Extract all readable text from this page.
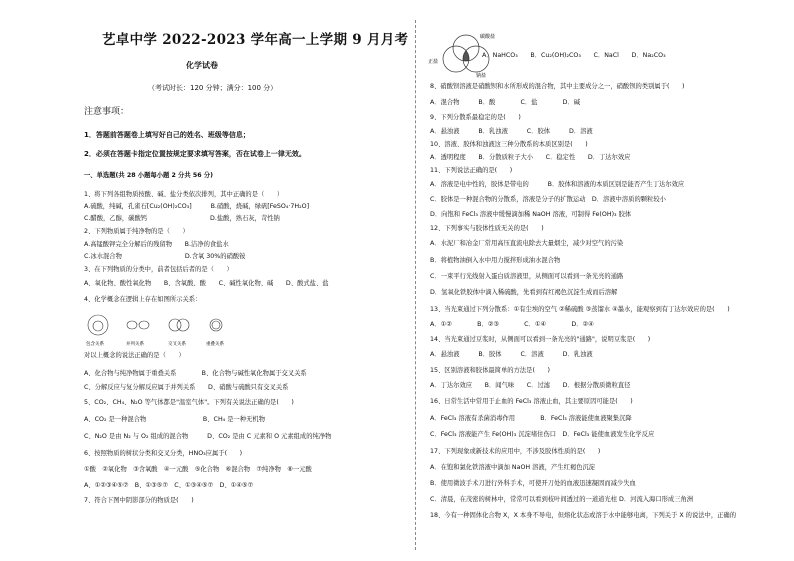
艺卓中学 2022-2023 学年高一上学期 9 月月考
化学试卷
（考试时长：120 分钟；满分：100 分）
注意事项：
1．答题前答题卷上填写好自己的姓名、班级等信息；
2．必须在答题卡指定位置按规定要求填写答案，否在试卷上一律无效。
一、单选题(共 28 小题每小题 2 分共 56 分)
1、将下列各组物质按酸、碱、盐分类依次排列，其中正确的是（　　）
A.硫酸，纯碱，孔雀石[Cu₂(OH)₂CO₃]　　　B.硝酸，烧碱，绿矾[FeSO₄·7H₂O]
C.醋酸，乙醇，碳酸钙　　　　　　　　　　D.盐酸，熟石灰，苛性钠
2、下列物质属于纯净物的是（　　）
A.高锰酸钾完全分解后的残留物　　B.洁净的食盐水
C.冰水混合物　　　　　　　　　　D.含氧 30%的硝酸铵
3、在下列物质的分类中，前者包括后者的是（　　）
A、氧化物、酸性氧化物　　B、含氧酸、酸　　C、碱性氧化物、碱　　D、酸式盐、盐
4、化学概念在逻辑上存在如图所示关系：
包含关系	并列关系	交叉关系	重叠关系
对以上概念的说法正确的是（　　）
A、化合物与纯净物属于重叠关系　　　　B、化合物与碱性氧化物属于交叉关系
C、分解反应与复分解反应属于并列关系　　D、硝酸与硫酸只有交叉关系
5、CO₂、CH₄、N₂O 等气体都是"温室气体"。下列有关说法正确的是(　　)
A、CO₂ 是一种混合物　　　　　　　　　B、CH₄ 是一种无机物
C、N₂O 是由 N₂ 与 O₂ 组成的混合物　　　D、CO₂ 是由 C 元素和 O 元素组成的纯净物
6、按照物质的树状分类和交叉分类，HNO₃应属于(　　)
①酸　②氧化物　③含氧酸　④一元酸　⑤化合物　⑥混合物　⑦纯净物　⑧一元酸
A、①②③④⑤⑦　B、①③⑤⑦　C、①③④⑤⑦　D、①④⑤⑦
7、符合下图中阴影部分的物质是(　　)
碳酸盐
正盐
钠盐
A．NaHCO₃　　B．Cu₂(OH)₂CO₃　　C．NaCl　　D．Na₂CO₃
8、硝酸钡溶液是硝酸钡和水所形成的混合物，其中主要成分之一，硝酸钡的类别属于(　　)
A．混合物　　　B．酸　　　　C．盐　　　　D．碱
9、下列分散系最稳定的是(　　)
A．悬浊液　　　B．乳浊液　　　C．胶体　　　D．溶液
10、溶液、胶体和浊液这三种分散系的本质区别是(　　)
A．透明程度　　B．分散质粒子大小　　C．稳定性　　D．丁达尔效应
11、下列说法正确的是(　　)
A．溶液是电中性的，胶体是带电的　　　B．胶体和溶液的本质区别是能否产生丁达尔效应
C．胶体是一种混合物的分散系，溶液是分子的扩散运动　D．溶液中溶质的颗粒较小
D．向饱和 FeCl₃ 溶液中缓慢滴加稀 NaOH 溶液，可制得 Fe(OH)₃ 胶体
12、下列事实与胶体性质无关的是(　　)
A．水泥厂和冶金厂常用高压直流电除去大量烟尘，减少对空气的污染
B．将植物油倒入水中用力搅拌形成油水混合物
C．一束平行光线射入蛋白质溶液里，从侧面可以看到一条光亮的通路
D．氢氧化铁胶体中滴入稀硫酸，先看到有红褐色沉淀生成而后溶解
13、当光束通过下列分散系：①有尘埃的空气 ②稀硫酸 ③蒸馏水 ④墨水，能观察到有丁达尔效应的是(　　)
A．①②　　　　B．②③　　　　C．①④　　　　D．②④
14、当光束通过豆浆时，从侧面可以看到一条光亮的"通路"，说明豆浆是(　　)
A．悬浊液　　　B．胶体　　　C．溶液　　　D．乳浊液
15、区别溶液和胶体最简单的方法是(　　)
A．丁达尔效应　　B．闻气味　　C．过滤　　D．根据分散质微粒直径
16、日常生活中常用于止血的 FeCl₃ 溶液止血，其主要原因可能是(　　)
A．FeCl₃ 溶液有杀菌消毒作用　　　　B．FeCl₃ 溶液能使血液聚集沉降
C．FeCl₃ 溶液能产生 Fe(OH)₃ 沉淀堵住伤口　D．FeCl₃ 能使血液发生化学反应
17、下列现象或新技术的应用中，不涉及胶体性质的是(　　)
A．在饱和氯化铁溶液中滴加 NaOH 溶液，产生红褐色沉淀
B．使用微波手术刀进行外科手术，可使开刀处的血液迅速凝固而减少失血
C．清晨，在茂密的树林中，常常可以看到枝叶间透过的一道道光柱 D．河流入海口形成三角洲
18、今有一种固体化合物 X，X 本身不导电，但熔化状态或溶于水中能够电离，下列关于 X 的说法中，正确的
